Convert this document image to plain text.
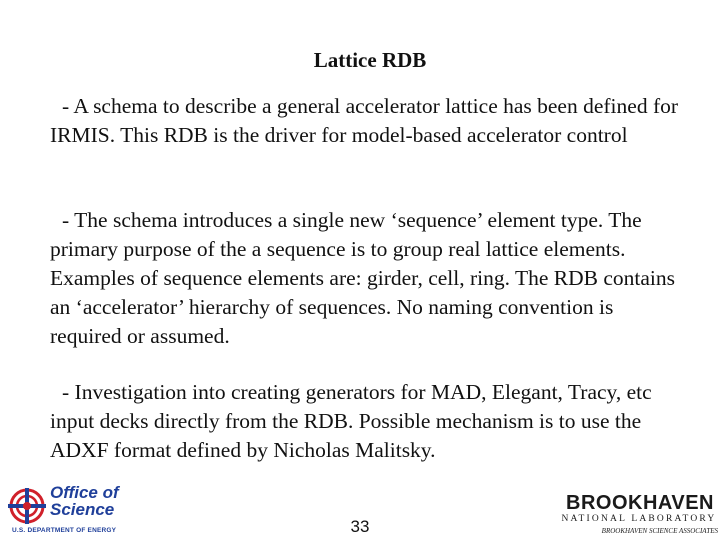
Lattice RDB

- A schema to describe a general accelerator lattice has been defined for IRMIS. This RDB is the driver for model-based accelerator control

- The schema introduces a single new ‘sequence’ element type. The primary purpose of the a sequence is to group real lattice elements. Examples of sequence elements are: girder, cell, ring. The RDB contains an ‘accelerator’ hierarchy of sequences. No naming convention is required or assumed.

- Investigation into creating generators for MAD, Elegant, Tracy, etc input decks directly from the RDB. Possible mechanism is to use the ADXF format defined by Nicholas Malitsky.

Office of
Science
U.S. DEPARTMENT OF ENERGY	33
BROOKHAVEN
NATIONAL LABORATORY
BROOKHAVEN SCIENCE ASSOCIATES
